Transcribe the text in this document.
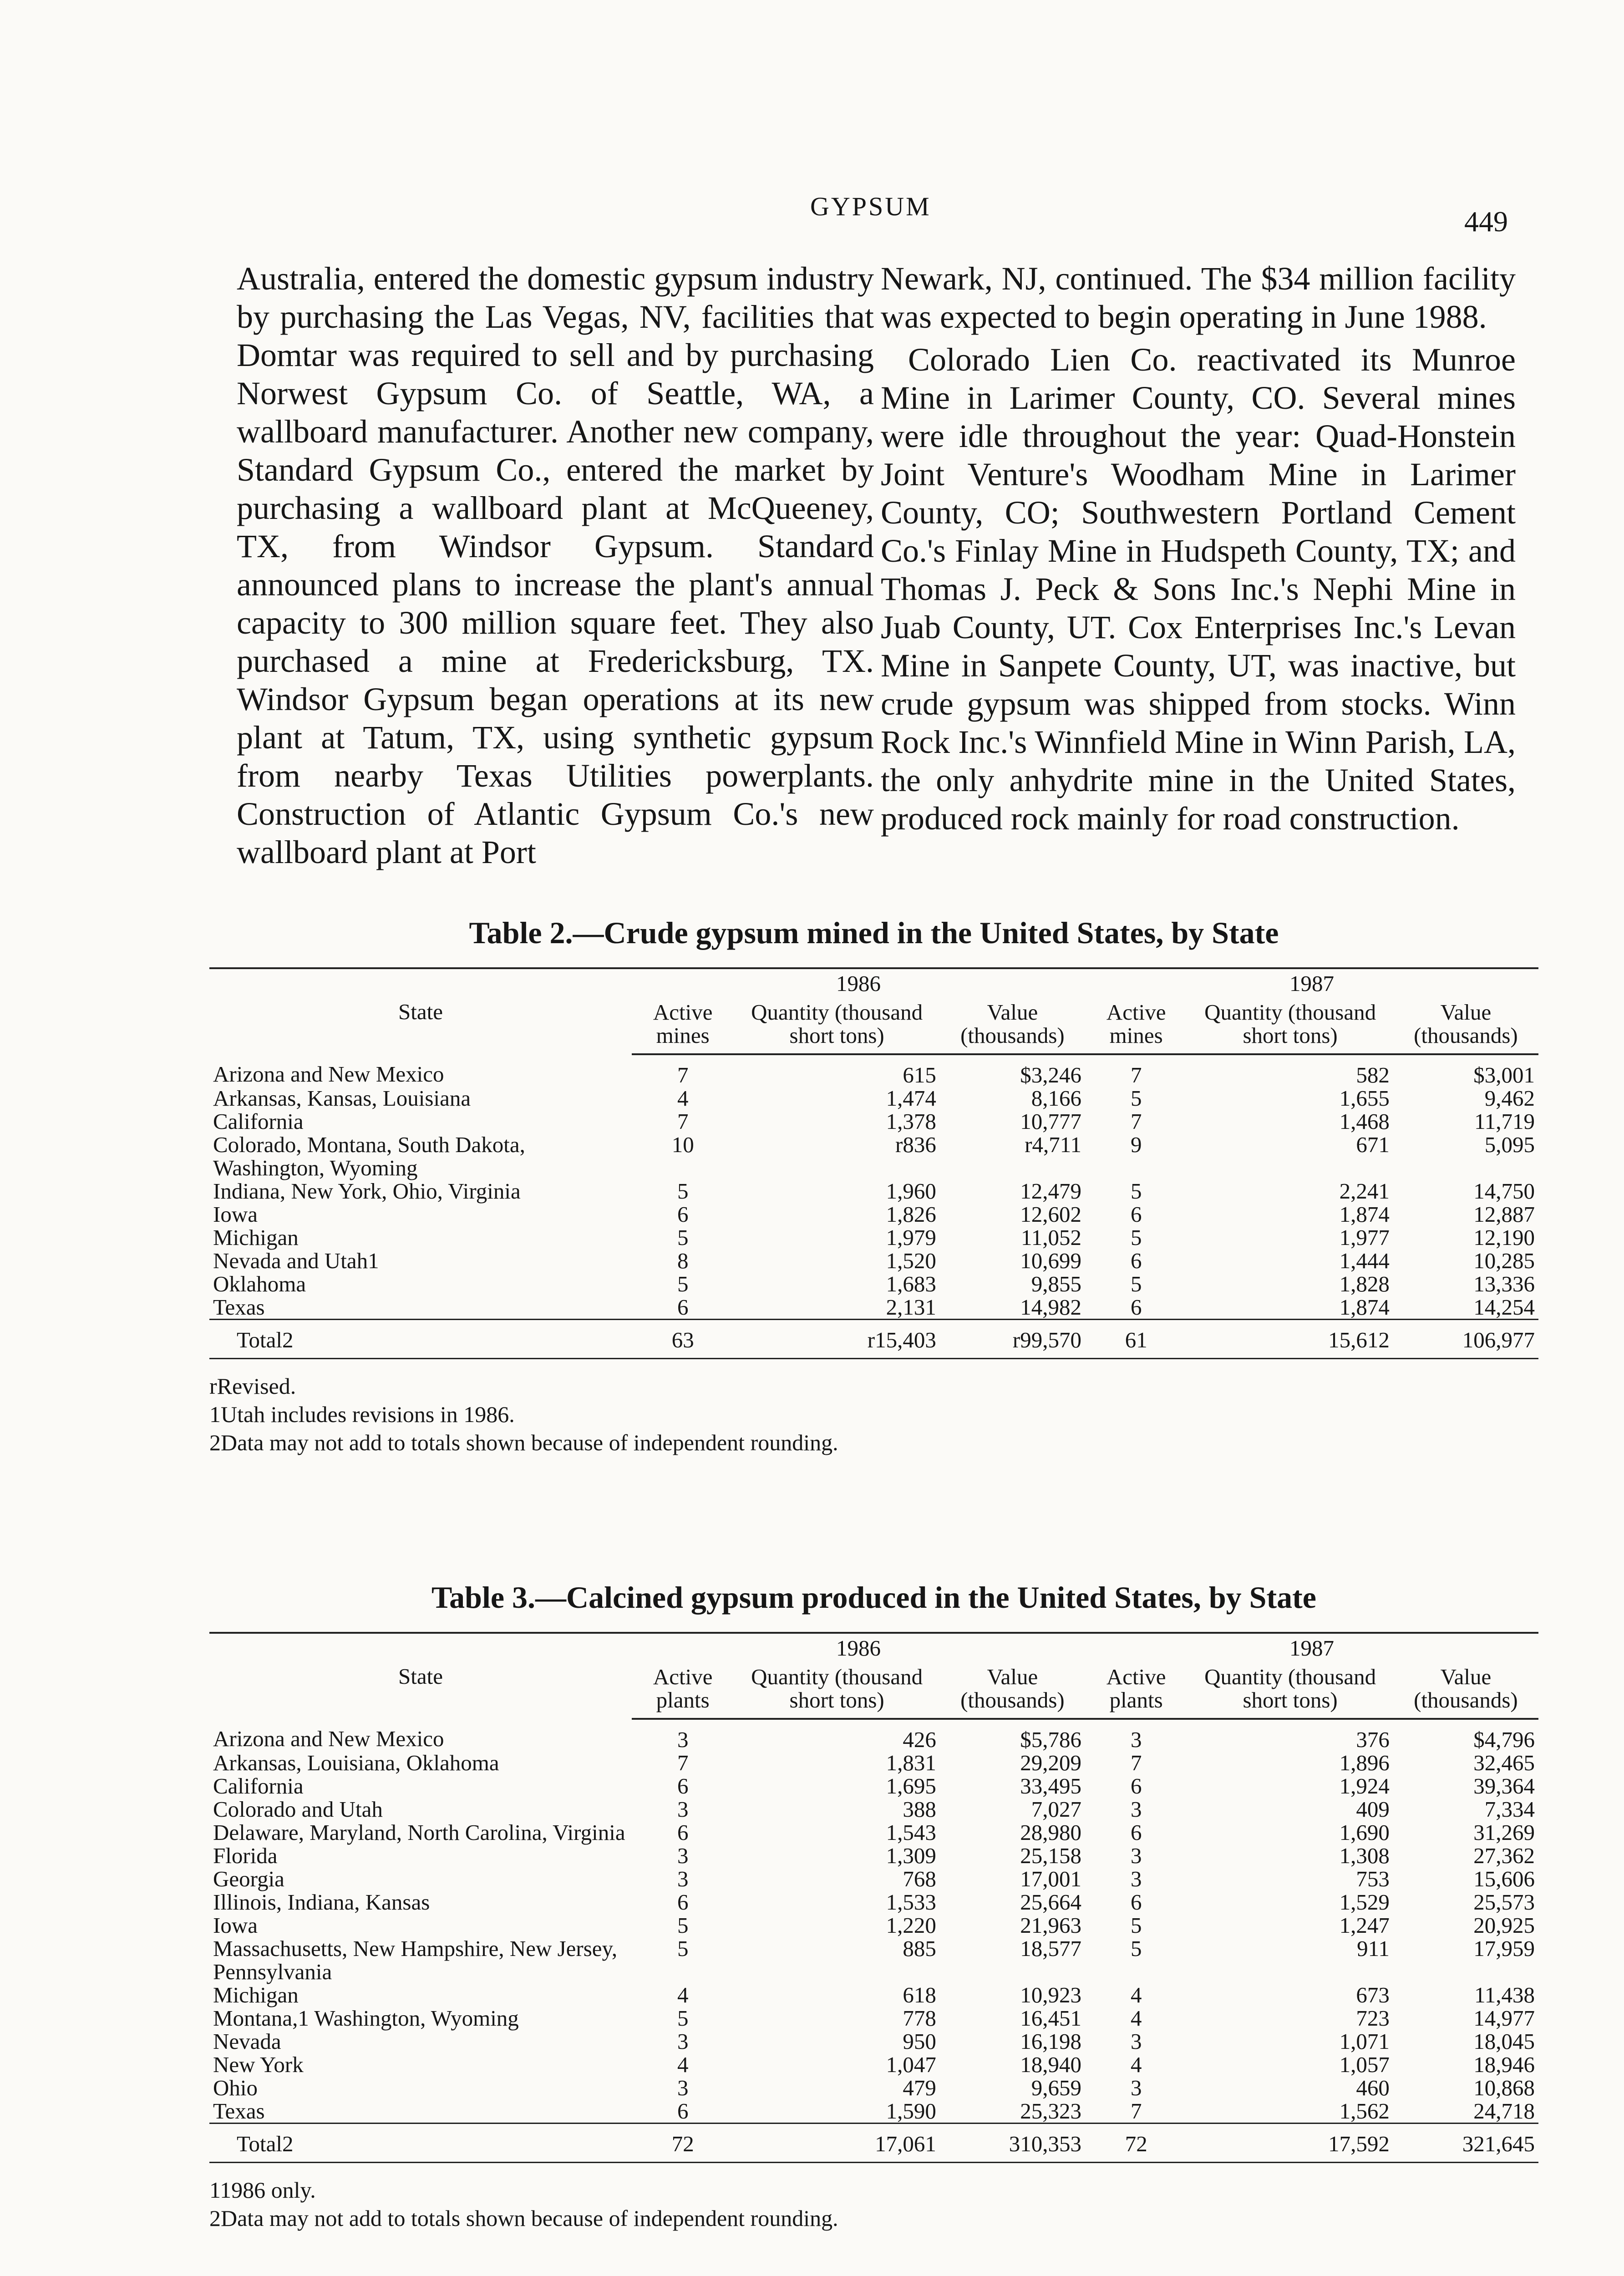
GYPSUM	449

Australia, entered the domestic gypsum industry by purchasing the Las Vegas, NV, facilities that Domtar was required to sell and by purchasing Norwest Gypsum Co. of Seattle, WA, a wallboard manufacturer. Another new company, Standard Gypsum Co., entered the market by purchasing a wallboard plant at McQueeney, TX, from Windsor Gypsum. Standard announced plans to increase the plant's annual capacity to 300 million square feet. They also purchased a mine at Fredericksburg, TX. Windsor Gypsum began operations at its new plant at Tatum, TX, using synthetic gypsum from nearby Texas Utilities powerplants. Construction of Atlantic Gypsum Co.'s new wallboard plant at Port

Newark, NJ, continued. The $34 million facility was expected to begin operating in June 1988.

Colorado Lien Co. reactivated its Munroe Mine in Larimer County, CO. Several mines were idle throughout the year: Quad-Honstein Joint Venture's Woodham Mine in Larimer County, CO; Southwestern Portland Cement Co.'s Finlay Mine in Hudspeth County, TX; and Thomas J. Peck & Sons Inc.'s Nephi Mine in Juab County, UT. Cox Enterprises Inc.'s Levan Mine in Sanpete County, UT, was inactive, but crude gypsum was shipped from stocks. Winn Rock Inc.'s Winnfield Mine in Winn Parish, LA, the only anhydrite mine in the United States, produced rock mainly for road construction.

Table 2.—Crude gypsum mined in the United States, by State
State	1986			1987		
	Active mines	Quantity (thousand short tons)	Value (thousands)	Active mines	Quantity (thousand short tons)	Value (thousands)
Arizona and New Mexico	7	615	$3,246	7	582	$3,001
Arkansas, Kansas, Louisiana	4	1,474	8,166	5	1,655	9,462
California	7	1,378	10,777	7	1,468	11,719
Colorado, Montana, South Dakota, Washington, Wyoming	10	r836	r4,711	9	671	5,095
Indiana, New York, Ohio, Virginia	5	1,960	12,479	5	2,241	14,750
Iowa	6	1,826	12,602	6	1,874	12,887
Michigan	5	1,979	11,052	5	1,977	12,190
Nevada and Utah1	8	1,520	10,699	6	1,444	10,285
Oklahoma	5	1,683	9,855	5	1,828	13,336
Texas	6	2,131	14,982	6	1,874	14,254
Total2	63	r15,403	r99,570	61	15,612	106,977
rRevised.
1Utah includes revisions in 1986.
2Data may not add to totals shown because of independent rounding.
Table 3.—Calcined gypsum produced in the United States, by State
State	1986			1987		
	Active plants	Quantity (thousand short tons)	Value (thousands)	Active plants	Quantity (thousand short tons)	Value (thousands)
Arizona and New Mexico	3	426	$5,786	3	376	$4,796
Arkansas, Louisiana, Oklahoma	7	1,831	29,209	7	1,896	32,465
California	6	1,695	33,495	6	1,924	39,364
Colorado and Utah	3	388	7,027	3	409	7,334
Delaware, Maryland, North Carolina, Virginia	6	1,543	28,980	6	1,690	31,269
Florida	3	1,309	25,158	3	1,308	27,362
Georgia	3	768	17,001	3	753	15,606
Illinois, Indiana, Kansas	6	1,533	25,664	6	1,529	25,573
Iowa	5	1,220	21,963	5	1,247	20,925
Massachusetts, New Hampshire, New Jersey, Pennsylvania	5	885	18,577	5	911	17,959
Michigan	4	618	10,923	4	673	11,438
Montana,1 Washington, Wyoming	5	778	16,451	4	723	14,977
Nevada	3	950	16,198	3	1,071	18,045
New York	4	1,047	18,940	4	1,057	18,946
Ohio	3	479	9,659	3	460	10,868
Texas	6	1,590	25,323	7	1,562	24,718
Total2	72	17,061	310,353	72	17,592	321,645
11986 only.
2Data may not add to totals shown because of independent rounding.
